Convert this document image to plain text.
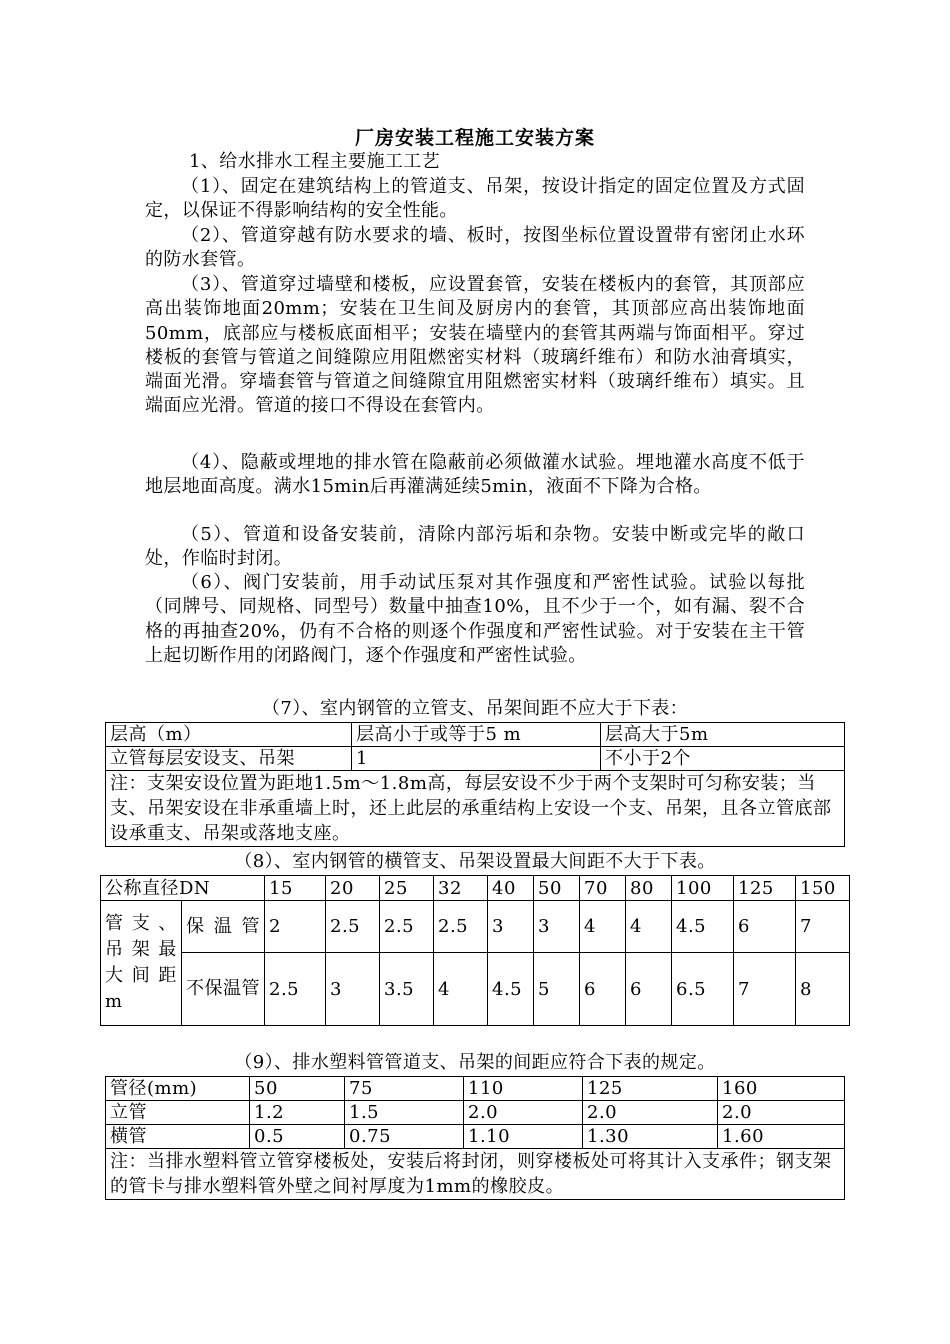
厂房安装工程施工安装方案
1、给水排水工程主要施工工艺
（1）、固定在建筑结构上的管道支、吊架，按设计指定的固定位置及方式固定，以保证不得影响结构的安全性能。
（2）、管道穿越有防水要求的墙、板时，按图坐标位置设置带有密闭止水环的防水套管。
（3）、管道穿过墙壁和楼板，应设置套管，安装在楼板内的套管，其顶部应高出装饰地面20mm；安装在卫生间及厨房内的套管，其顶部应高出装饰地面50mm，底部应与楼板底面相平；安装在墙壁内的套管其两端与饰面相平。穿过楼板的套管与管道之间缝隙应用阻燃密实材料（玻璃纤维布）和防水油膏填实，端面光滑。穿墙套管与管道之间缝隙宜用阻燃密实材料（玻璃纤维布）填实。且端面应光滑。管道的接口不得设在套管内。
（4）、隐蔽或埋地的排水管在隐蔽前必须做灌水试验。埋地灌水高度不低于地层地面高度。满水15min后再灌满延续5min，液面不下降为合格。
（5）、管道和设备安装前，清除内部污垢和杂物。安装中断或完毕的敞口处，作临时封闭。
（6）、阀门安装前，用手动试压泵对其作强度和严密性试验。试验以每批（同牌号、同规格、同型号）数量中抽查10%，且不少于一个，如有漏、裂不合格的再抽查20%，仍有不合格的则逐个作强度和严密性试验。对于安装在主干管上起切断作用的闭路阀门，逐个作强度和严密性试验。
（7）、室内钢管的立管支、吊架间距不应大于下表：
层高（m）	层高小于或等于5 m	层高大于5m
立管每层安设支、吊架	1	不小于2个
注：支架安设位置为距地1.5m～1.8m高，每层安设不少于两个支架时可匀称安装；当支、吊架安设在非承重墙上时，还上此层的承重结构上安设一个支、吊架，且各立管底部设承重支、吊架或落地支座。		
（8）、室内钢管的横管支、吊架设置最大间距不大于下表。
公称直径DN		15	20	25	32	40	50	70	80	100	125	150
管支、吊架最大间距m	保温管	2	2.5	2.5	2.5	3	3	4	4	4.5	6	7
	不保温管	2.5	3	3.5	4	4.5	5	6	6	6.5	7	8
（9）、排水塑料管管道支、吊架的间距应符合下表的规定。
管径(mm)	50	75	110	125	160
立管	1.2	1.5	2.0	2.0	2.0
横管	0.5	0.75	1.10	1.30	1.60
注：当排水塑料管立管穿楼板处，安装后将封闭，则穿楼板处可将其计入支承件；钢支架的管卡与排水塑料管外壁之间衬厚度为1mm的橡胶皮。					
